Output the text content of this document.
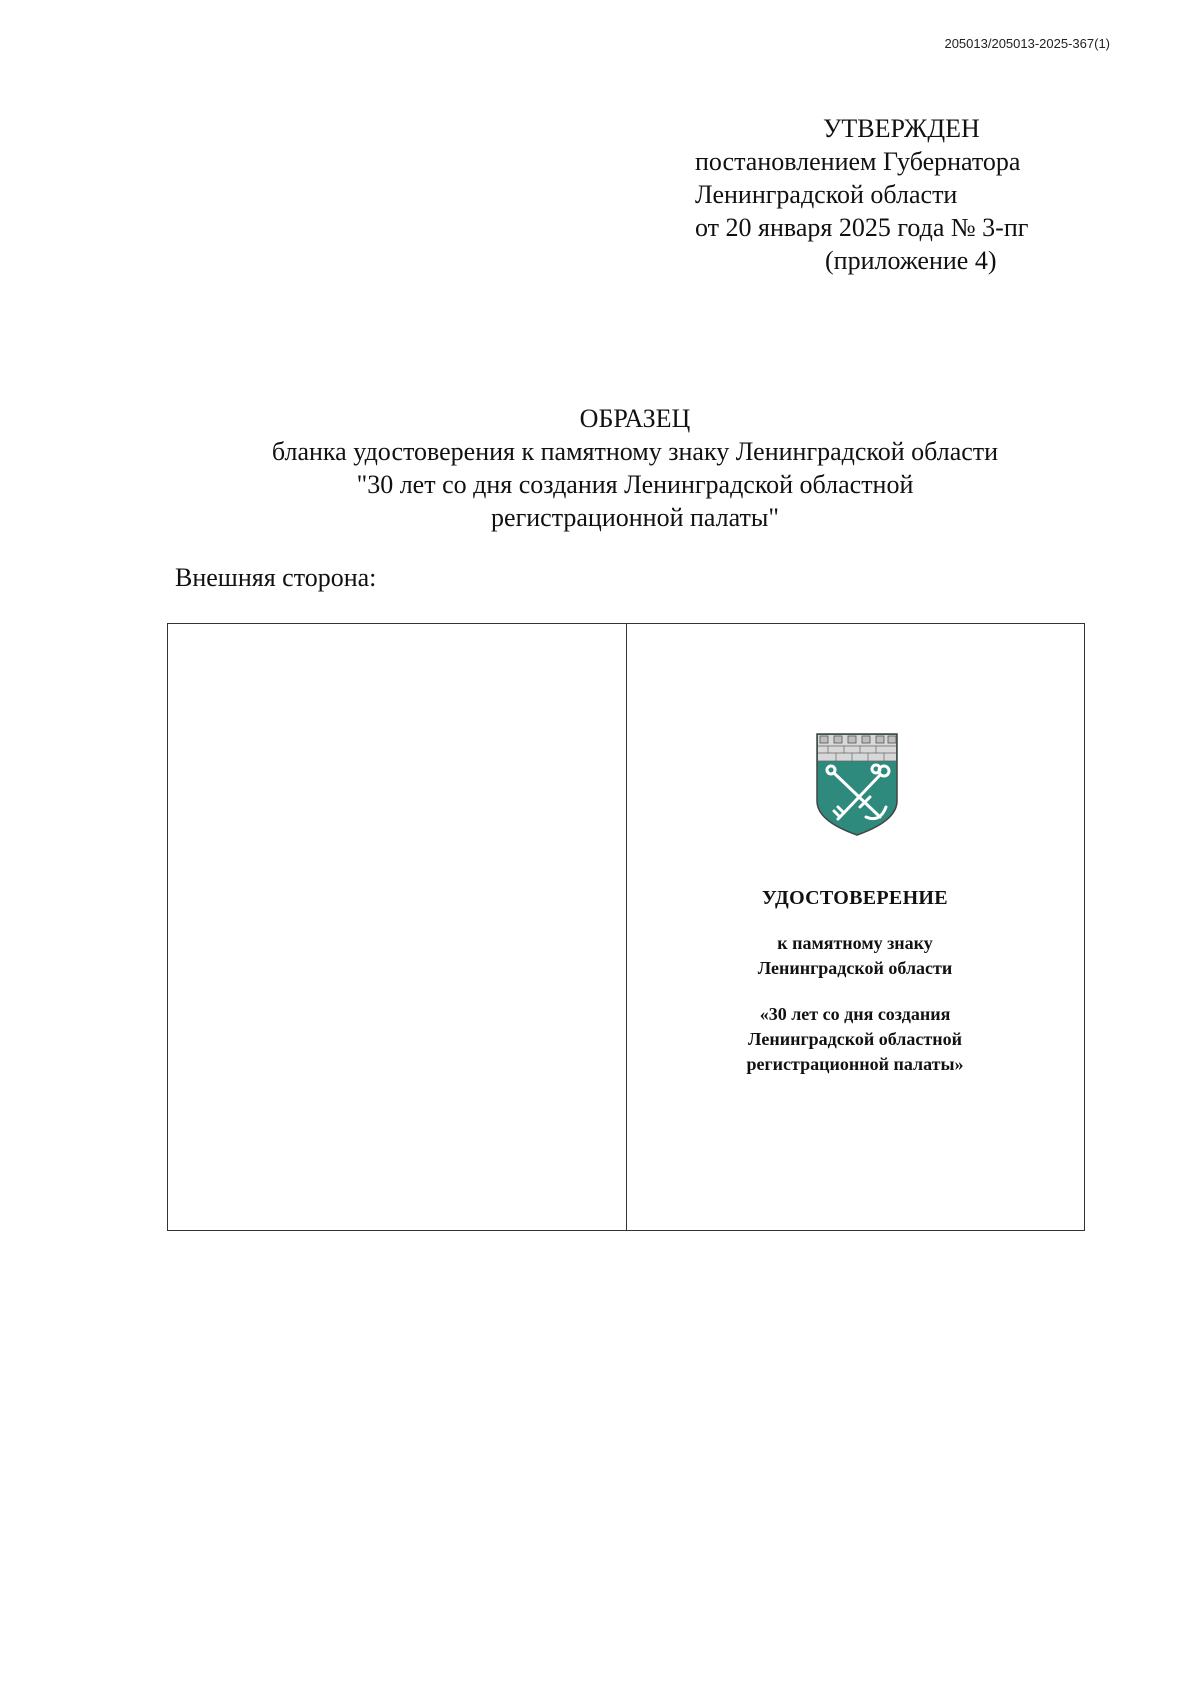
205013/205013-2025-367(1)
УТВЕРЖДЕН
постановлением Губернатора
Ленинградской области
от 20 января 2025 года № 3-пг
(приложение 4)
ОБРАЗЕЦ
бланка удостоверения к памятному знаку Ленинградской области
"30 лет со дня создания Ленинградской областной
регистрационной палаты"
Внешняя сторона:
УДОСТОВЕРЕНИЕ
к памятному знаку
Ленинградской области
«30 лет со дня создания
Ленинградской областной
регистрационной палаты»
